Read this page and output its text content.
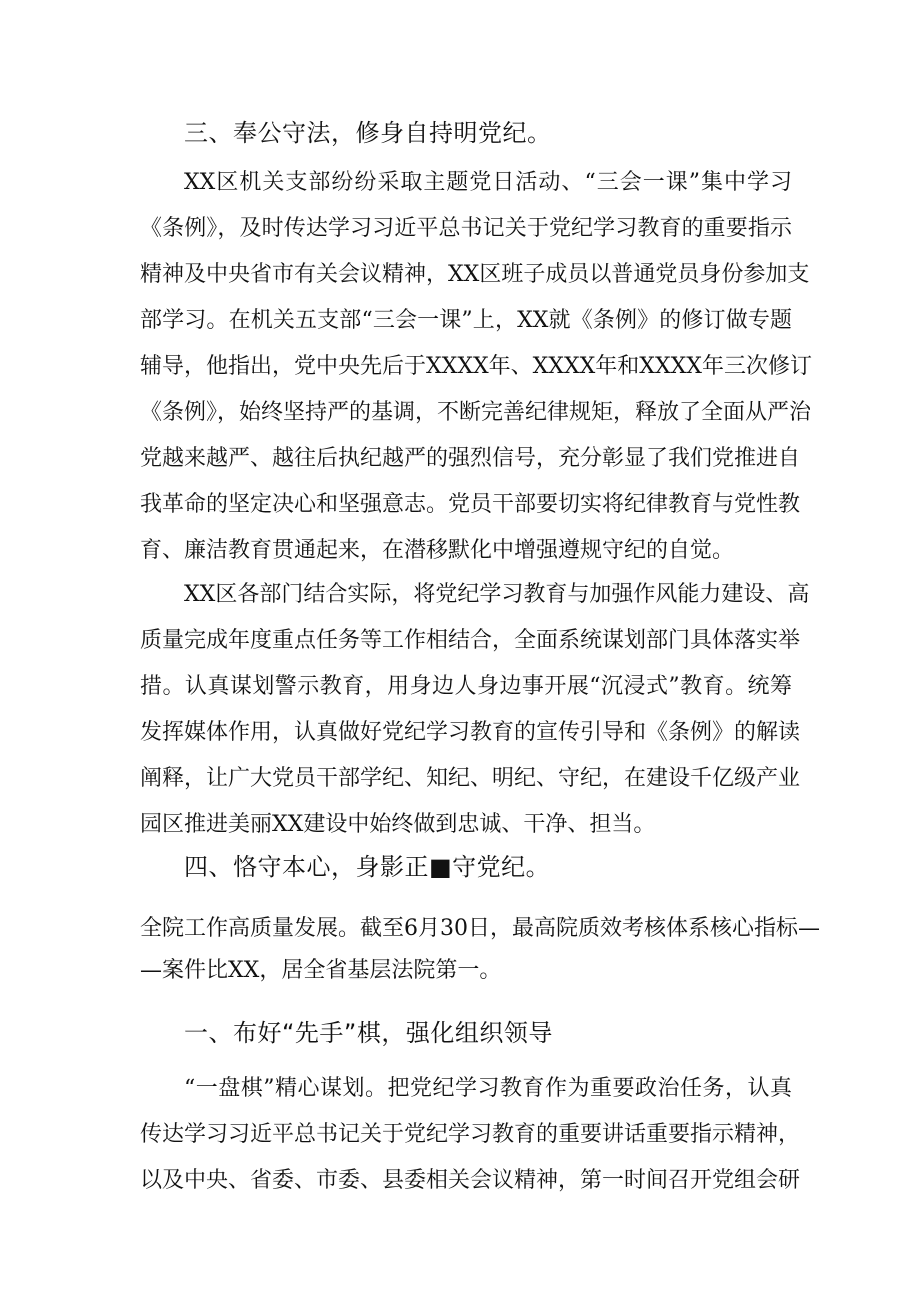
三、奉公守法，修身自持明党纪。
XX区机关支部纷纷采取主题党日活动、“三会一课”集中学习
《条例》，及时传达学习习近平总书记关于党纪学习教育的重要指示
精神及中央省市有关会议精神，XX区班子成员以普通党员身份参加支
部学习。在机关五支部“三会一课”上，XX就《条例》的修订做专题
辅导，他指出，党中央先后于XXXX年、XXXX年和XXXX年三次修订
《条例》，始终坚持严的基调，不断完善纪律规矩，释放了全面从严治
党越来越严、越往后执纪越严的强烈信号，充分彰显了我们党推进自
我革命的坚定决心和坚强意志。党员干部要切实将纪律教育与党性教
育、廉洁教育贯通起来，在潜移默化中增强遵规守纪的自觉。
XX区各部门结合实际，将党纪学习教育与加强作风能力建设、高
质量完成年度重点任务等工作相结合，全面系统谋划部门具体落实举
措。认真谋划警示教育，用身边人身边事开展“沉浸式”教育。统筹
发挥媒体作用，认真做好党纪学习教育的宣传引导和《条例》的解读
阐释，让广大党员干部学纪、知纪、明纪、守纪，在建设千亿级产业
园区推进美丽XX建设中始终做到忠诚、干净、担当。
四、恪守本心，身影正■守党纪。
全院工作高质量发展。截至6月30日，最高院质效考核体系核心指标—
—案件比XX，居全省基层法院第一。
一、布好“先手”棋，强化组织领导
“一盘棋”精心谋划。把党纪学习教育作为重要政治任务，认真
传达学习习近平总书记关于党纪学习教育的重要讲话重要指示精神，
以及中央、省委、市委、县委相关会议精神，第一时间召开党组会研
